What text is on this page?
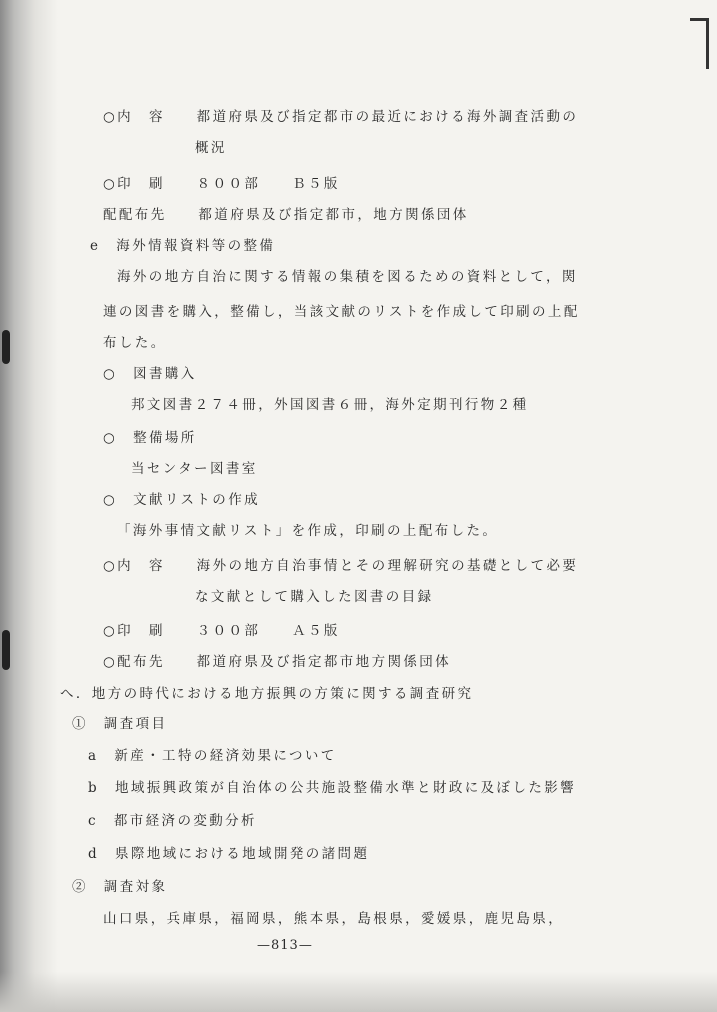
○内　容　　都道府県及び指定都市の最近における海外調査活動の
概況
○印　刷　　８００部　　Ｂ５版
配配布先　　都道府県及び指定都市，地方関係団体
e　海外情報資料等の整備
海外の地方自治に関する情報の集積を図るための資料として，関
連の図書を購入，整備し，当該文献のリストを作成して印刷の上配
布した。
○　図書購入
邦文図書２７４冊，外国図書６冊，海外定期刊行物２種
○　整備場所
当センター図書室
○　文献リストの作成
「海外事情文献リスト」を作成，印刷の上配布した。
○内　容　　海外の地方自治事情とその理解研究の基礎として必要
な文献として購入した図書の目録
○印　刷　　３００部　　Ａ５版
○配布先　　都道府県及び指定都市地方関係団体
へ．地方の時代における地方振興の方策に関する調査研究
①　調査項目
a　新産・工特の経済効果について
b　地域振興政策が自治体の公共施設整備水準と財政に及ぼした影響
c　都市経済の変動分析
d　県際地域における地域開発の諸問題
②　調査対象
山口県，兵庫県，福岡県，熊本県，島根県，愛媛県，鹿児島県，
—813—
